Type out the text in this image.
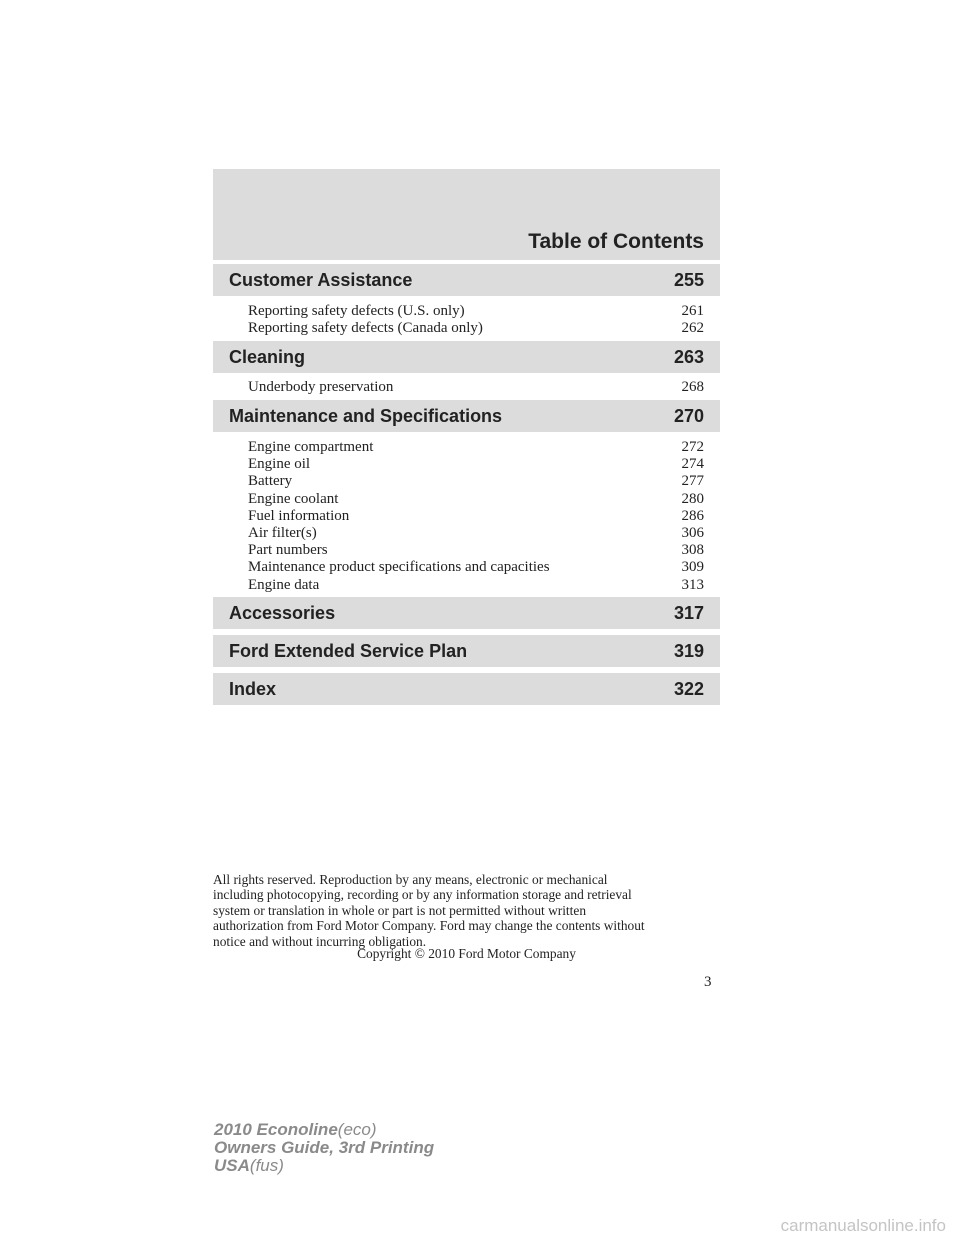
Table of Contents
Customer Assistance	255
Reporting safety defects (U.S. only)	261
Reporting safety defects (Canada only)	262
Cleaning	263
Underbody preservation	268
Maintenance and Specifications	270
Engine compartment	272
Engine oil	274
Battery	277
Engine coolant	280
Fuel information	286
Air filter(s)	306
Part numbers	308
Maintenance product specifications and capacities	309
Engine data	313
Accessories	317
Ford Extended Service Plan	319
Index	322
All rights reserved. Reproduction by any means, electronic or mechanical
including photocopying, recording or by any information storage and retrieval
system or translation in whole or part is not permitted without written
authorization from Ford Motor Company. Ford may change the contents without
notice and without incurring obligation.
Copyright © 2010 Ford Motor Company
3
2010 Econoline(eco)
Owners Guide, 3rd Printing
USA(fus)
carmanualsonline.info
